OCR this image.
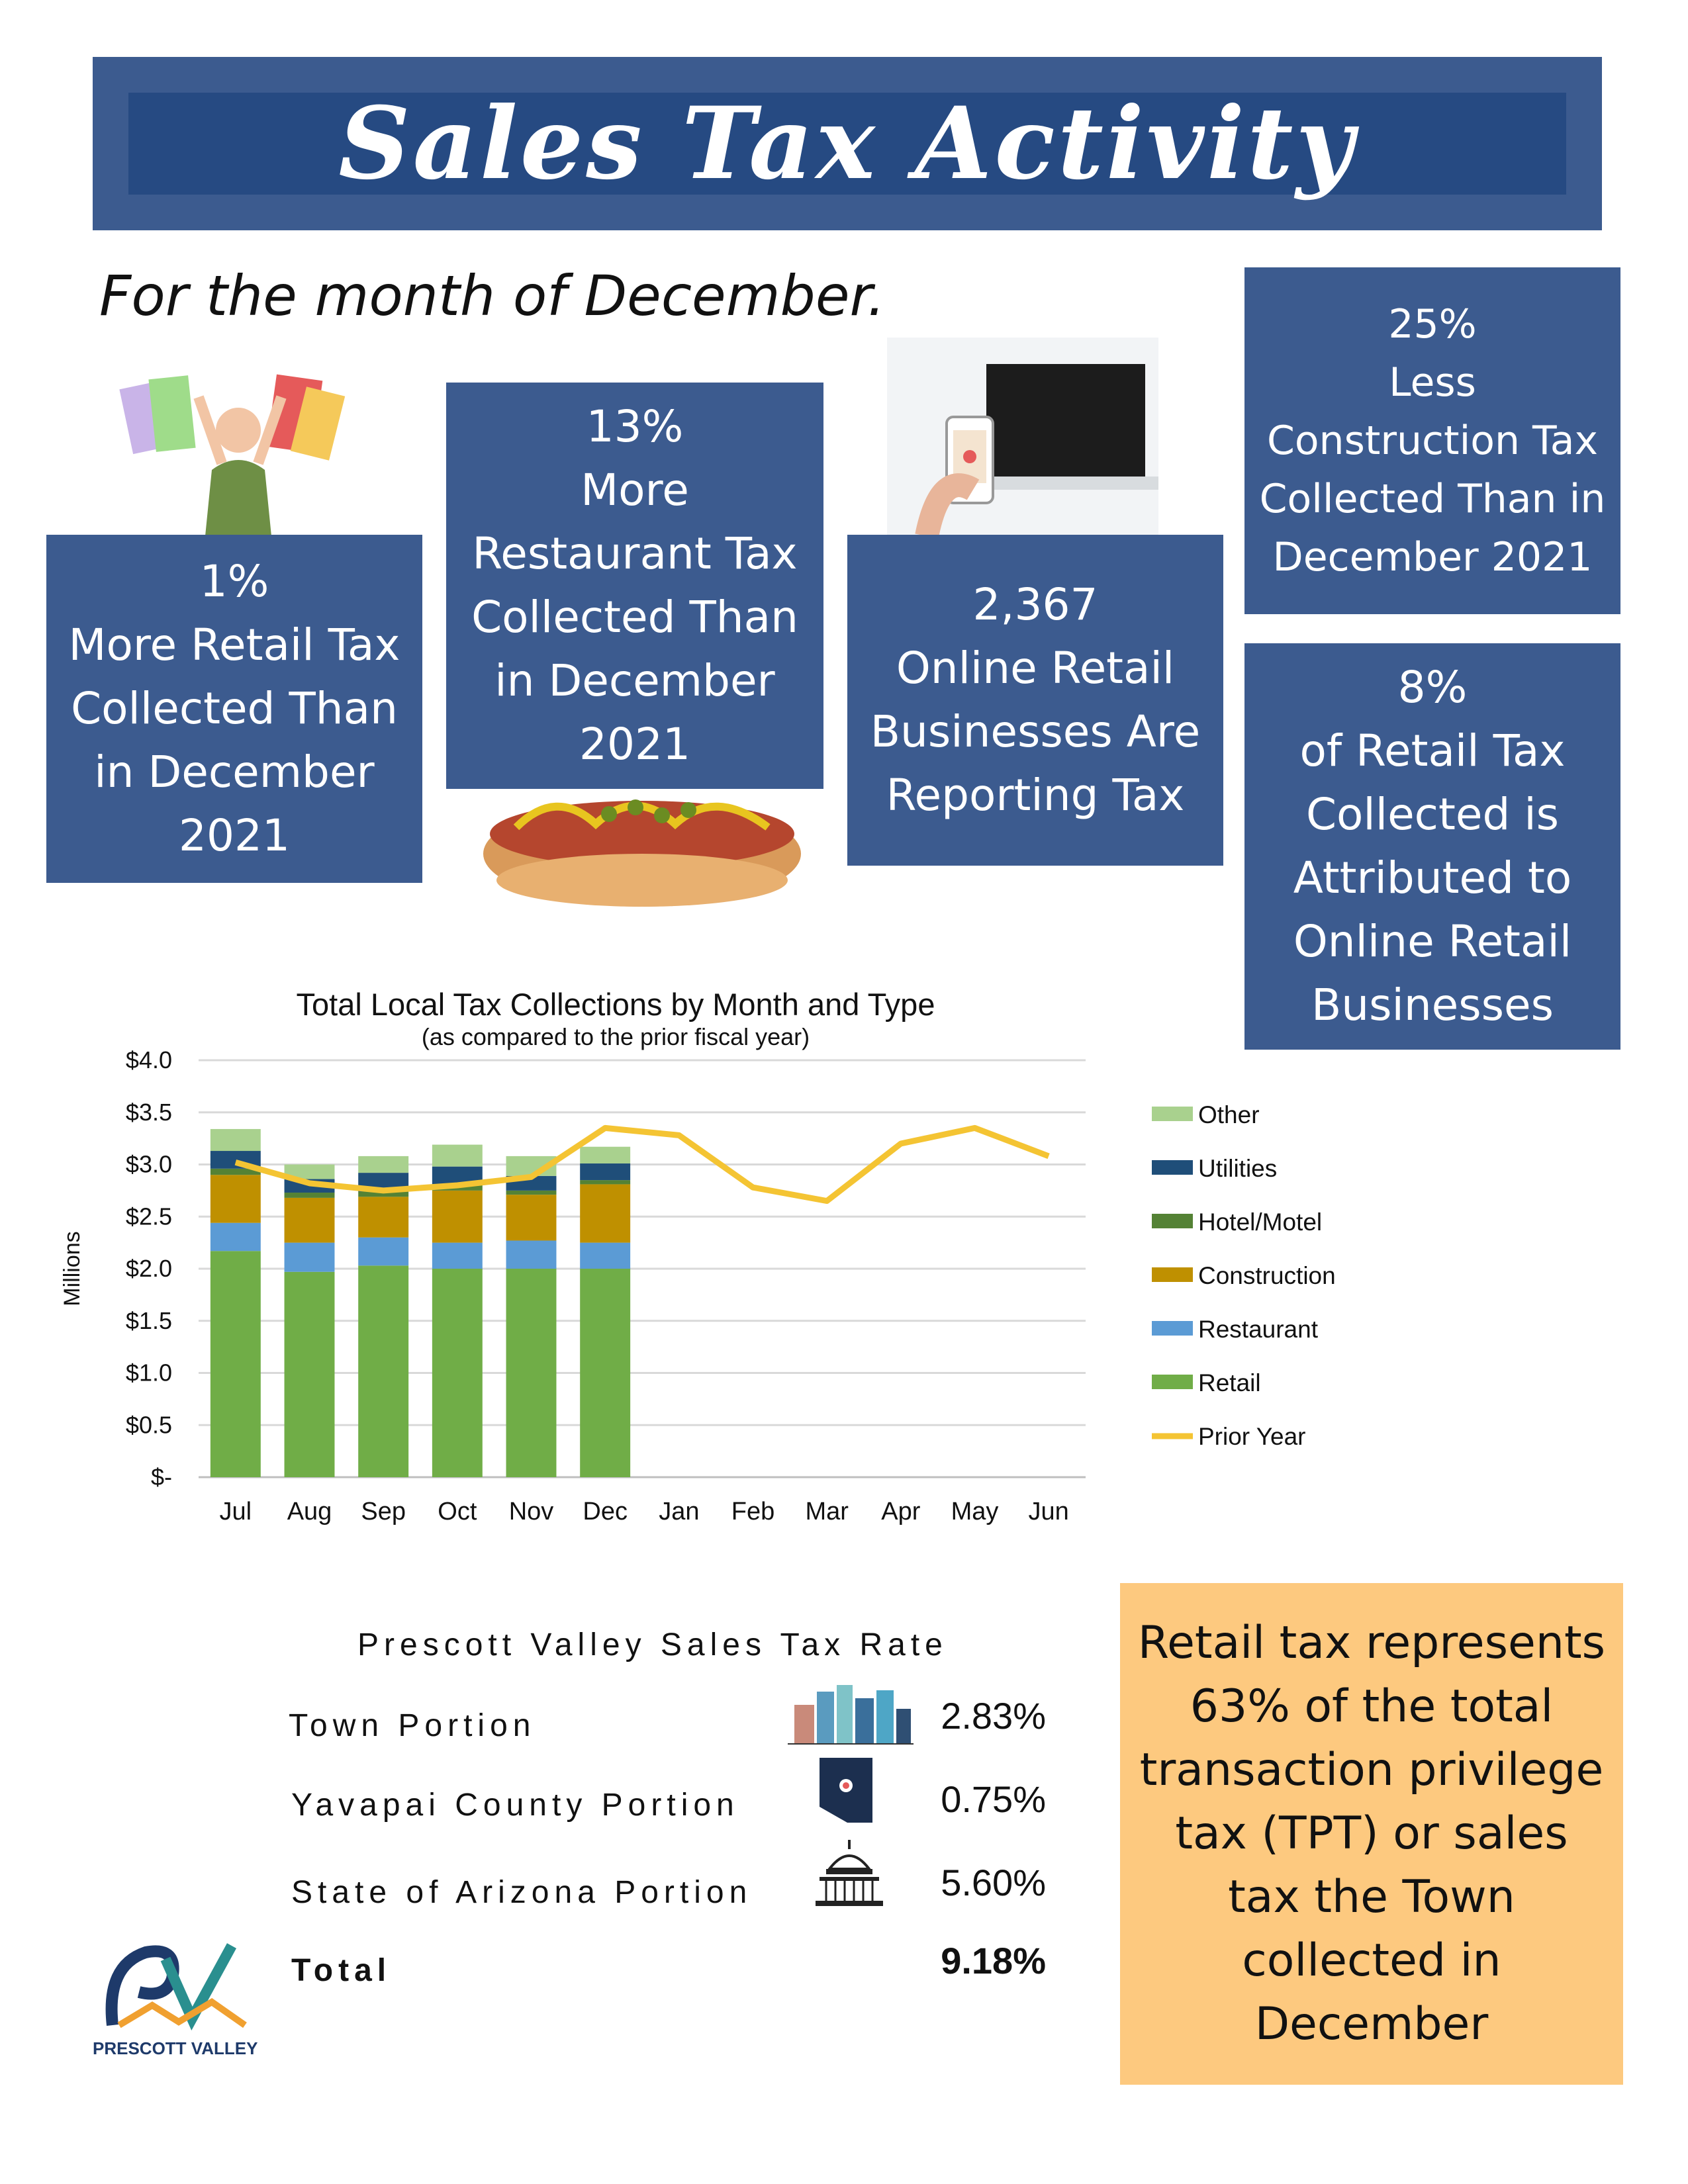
Sales Tax Activity
For the month of December.
1%
More Retail Tax
Collected Than
in December
2021
13%
More
Restaurant Tax
Collected Than
in December
2021
2,367
Online Retail
Businesses Are
Reporting Tax
25%
Less
Construction Tax
Collected Than in
December 2021
8%
of Retail Tax
Collected is
Attributed to
Online Retail
Businesses
Total Local Tax Collections by Month and Type
(as compared to the prior fiscal year)
$-
$0.5
$1.0
$1.5
$2.0
$2.5
$3.0
$3.5
$4.0
Millions
Jul Aug Sep Oct Nov Dec Jan Feb Mar Apr May Jun
Other
Utilities
Hotel/Motel
Construction
Restaurant
Retail
Prior Year
Prescott Valley Sales Tax Rate
Town Portion
Yavapai County Portion
State of Arizona Portion
Total
2.83%
0.75%
5.60%
9.18%
Retail tax represents 63% of the total transaction privilege tax (TPT) or sales tax the Town collected in December
PRESCOTT VALLEY
